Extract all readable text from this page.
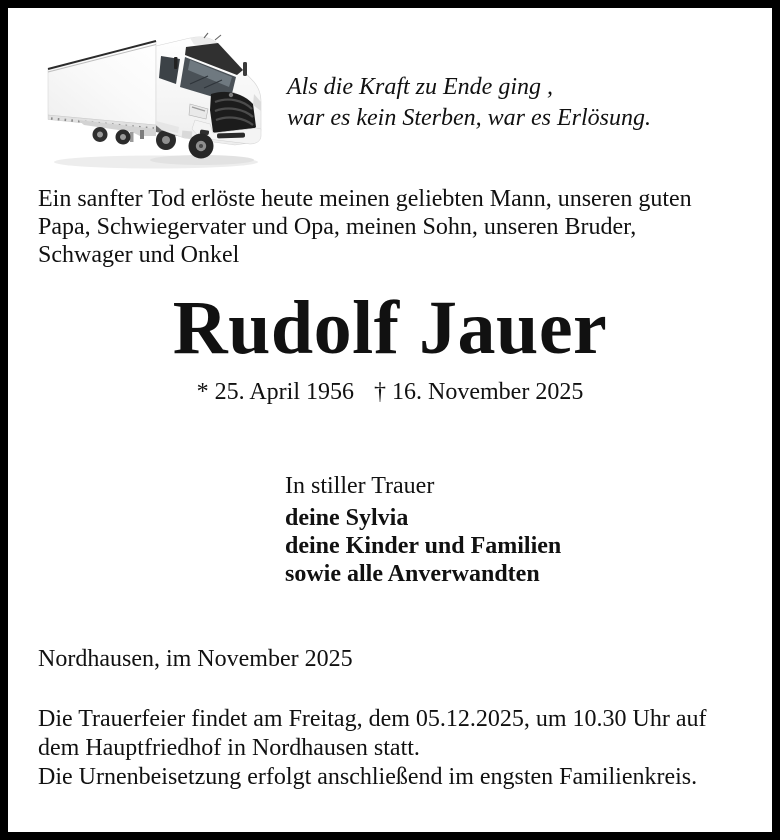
Als die Kraft zu Ende ging ,
war es kein Sterben, war es Erlösung.
Ein sanfter Tod erlöste heute meinen geliebten Mann, unseren guten
Papa, Schwiegervater und Opa, meinen Sohn, unseren Bruder,
Schwager und Onkel
Rudolf Jauer
* 25. April 1956 † 16. November 2025
In stiller Trauer
deine Sylvia
deine Kinder und Familien
sowie alle Anverwandten
Nordhausen, im November 2025
Die Trauerfeier findet am Freitag, dem 05.12.2025, um 10.30 Uhr auf
dem Hauptfriedhof in Nordhausen statt.
Die Urnenbeisetzung erfolgt anschließend im engsten Familienkreis.
